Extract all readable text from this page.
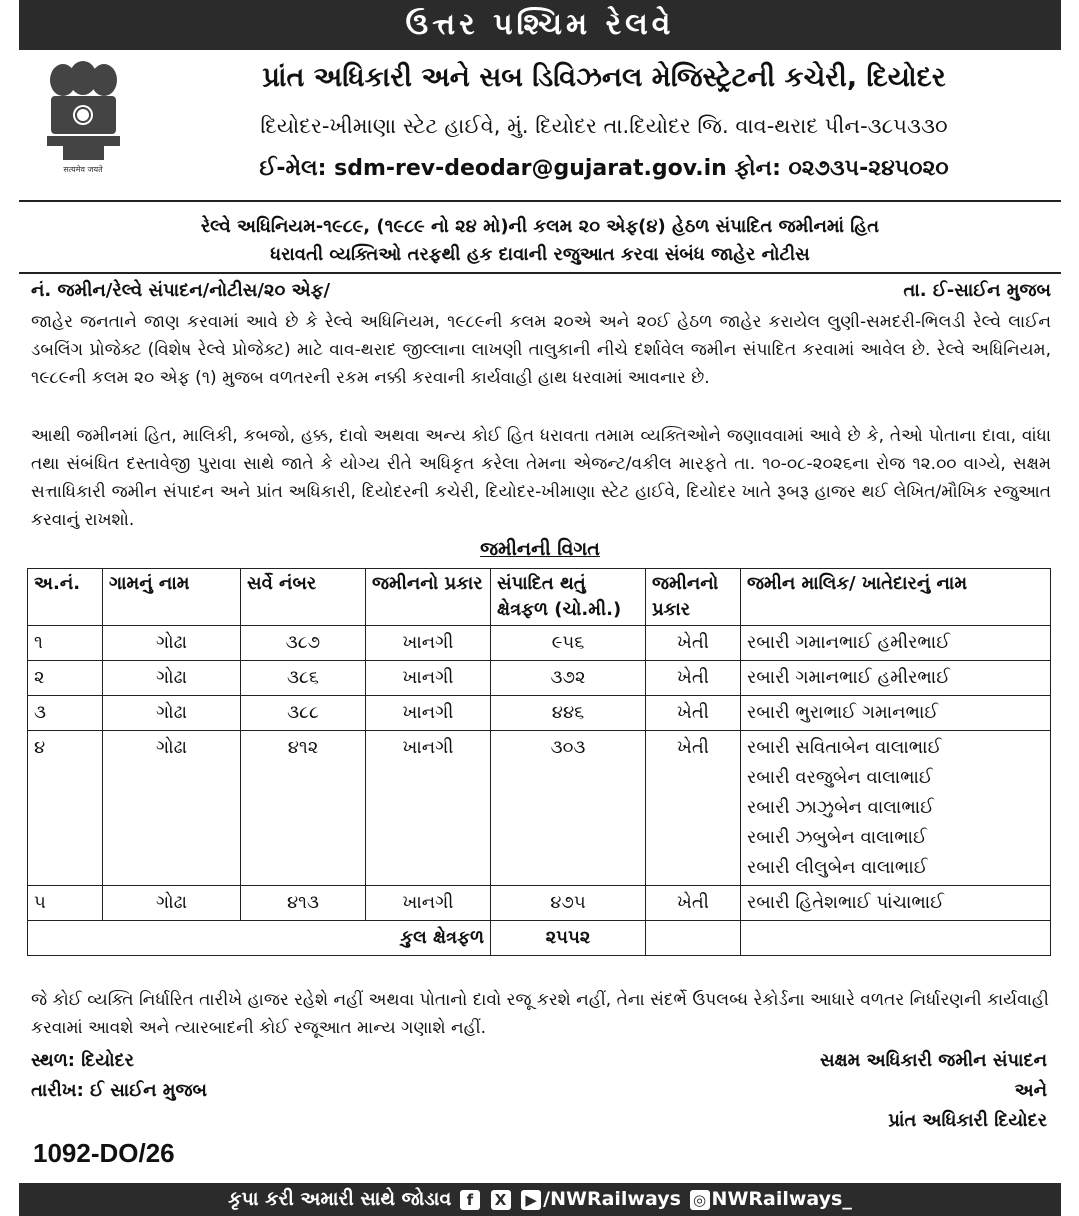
ઉત્તર પશ્ચિમ રેલવે
सत्यमेव जयते
પ્રાંત અધિકારી અને સબ ડિવિઝનલ મેજિસ્ટ્રેટની કચેરી, દિયોદર
દિયોદર-ખીમાણા સ્ટેટ હાઈવે, મું. દિયોદર તા.દિયોદર જિ. વાવ-થરાદ પીન-૩૮૫૩૩૦
ઈ-મેલ: sdm-rev-deodar@gujarat.gov.in ફોન: ૦૨૭૩૫-૨૪૫૦૨૦
રેલ્વે અધિનિયમ-૧૯૮૯, (૧૯૮૯ નો ૨૪ મો)ની કલમ ૨૦ એફ(૪) હેઠળ સંપાદિત જમીનમાં હિત
ધરાવતી વ્યક્તિઓ તરફથી હક દાવાની રજુઆત કરવા સંબંધ જાહેર નોટીસ
નં. જમીન/રેલ્વે સંપાદન/નોટીસ/૨૦ એફ/	તા. ઈ-સાઈન મુજબ
જાહેર જનતાને જાણ કરવામાં આવે છે કે રેલ્વે અધિનિયમ, ૧૯૮૯ની કલમ ૨૦એ અને ૨૦ઈ હેઠળ જાહેર કરાયેલ લુણી-સમદરી-ભિલડી રેલ્વે લાઈન ડબલિંગ પ્રોજેક્ટ (વિશેષ રેલ્વે પ્રોજેક્ટ) માટે વાવ-થરાદ જીલ્લાના લાખણી તાલુકાની નીચે દર્શાવેલ જમીન સંપાદિત કરવામાં આવેલ છે. રેલ્વે અધિનિયમ, ૧૯૮૯ની કલમ ૨૦ એફ (૧) મુજબ વળતરની રકમ નક્કી કરવાની કાર્યવાહી હાથ ધરવામાં આવનાર છે.
આથી જમીનમાં હિત, માલિકી, કબજો, હક્ક, દાવો અથવા અન્ય કોઈ હિત ધરાવતા તમામ વ્યક્તિઓને જણાવવામાં આવે છે કે, તેઓ પોતાના દાવા, વાંધા તથા સંબંધિત દસ્તાવેજી પુરાવા સાથે જાતે કે યોગ્ય રીતે અધિકૃત કરેલા તેમના એજન્ટ/વકીલ મારફતે તા. ૧૦-૦૮-૨૦૨૬ના રોજ ૧૨.૦૦ વાગ્યે, સક્ષમ સત્તાધિકારી જમીન સંપાદન અને પ્રાંત અધિકારી, દિયોદરની કચેરી, દિયોદર-ખીમાણા સ્ટેટ હાઈવે, દિયોદર ખાતે રૂબરૂ હાજર થઈ લેખિત/મૌખિક રજુઆત કરવાનું રાખશો.
જમીનની વિગત
અ.નં.	ગામનું નામ	સર્વે નંબર	જમીનનો પ્રકાર	સંપાદિત થતું ક્ષેત્રફળ (ચો.મી.)	જમીનનો પ્રકાર	જમીન માલિક/ ખાતેદારનું નામ
૧	ગોઢા	૩૮૭	ખાનગી	૯૫૬	ખેતી	રબારી ગમાનભાઈ હમીરભાઈ

૨	ગોઢા	૩૮૬	ખાનગી	૩૭૨	ખેતી	રબારી ગમાનભાઈ હમીરભાઈ

૩	ગોઢા	૩૮૮	ખાનગી	૪૪૬	ખેતી	રબારી ભુરાભાઈ ગમાનભાઈ

૪	ગોઢા	૪૧૨	ખાનગી	૩૦૩	ખેતી	રબારી સવિતાબેન વાલાભાઈ
રબારી વરજુબેન વાલાભાઈ
રબારી ઝાઝુબેન વાલાભાઈ
રબારી ઝબુબેન વાલાભાઈ
રબારી લીલુબેન વાલાભાઈ

૫	ગોઢા	૪૧૩	ખાનગી	૪૭૫	ખેતી	રબારી હિતેશભાઈ પાંચાભાઈ

કુલ ક્ષેત્રફળ				૨૫૫૨		
જે કોઈ વ્યક્તિ નિર્ધારિત તારીખે હાજર રહેશે નહીં અથવા પોતાનો દાવો રજૂ કરશે નહીં, તેના સંદર્ભે ઉપલબ્ધ રેકોર્ડના આધારે વળતર નિર્ધારણની કાર્યવાહી કરવામાં આવશે અને ત્યારબાદની કોઈ રજૂઆત માન્ય ગણાશે નહીં.
સ્થળ: દિયોદર
તારીખ: ઈ સાઈન મુજબ
સક્ષમ અધિકારી જમીન સંપાદન
અને
પ્રાંત અધિકારી દિયોદર
1092-DO/26
કૃપા કરી અમારી સાથે જોડાવ f X ▶ /NWRailways ◎ NWRailways_
